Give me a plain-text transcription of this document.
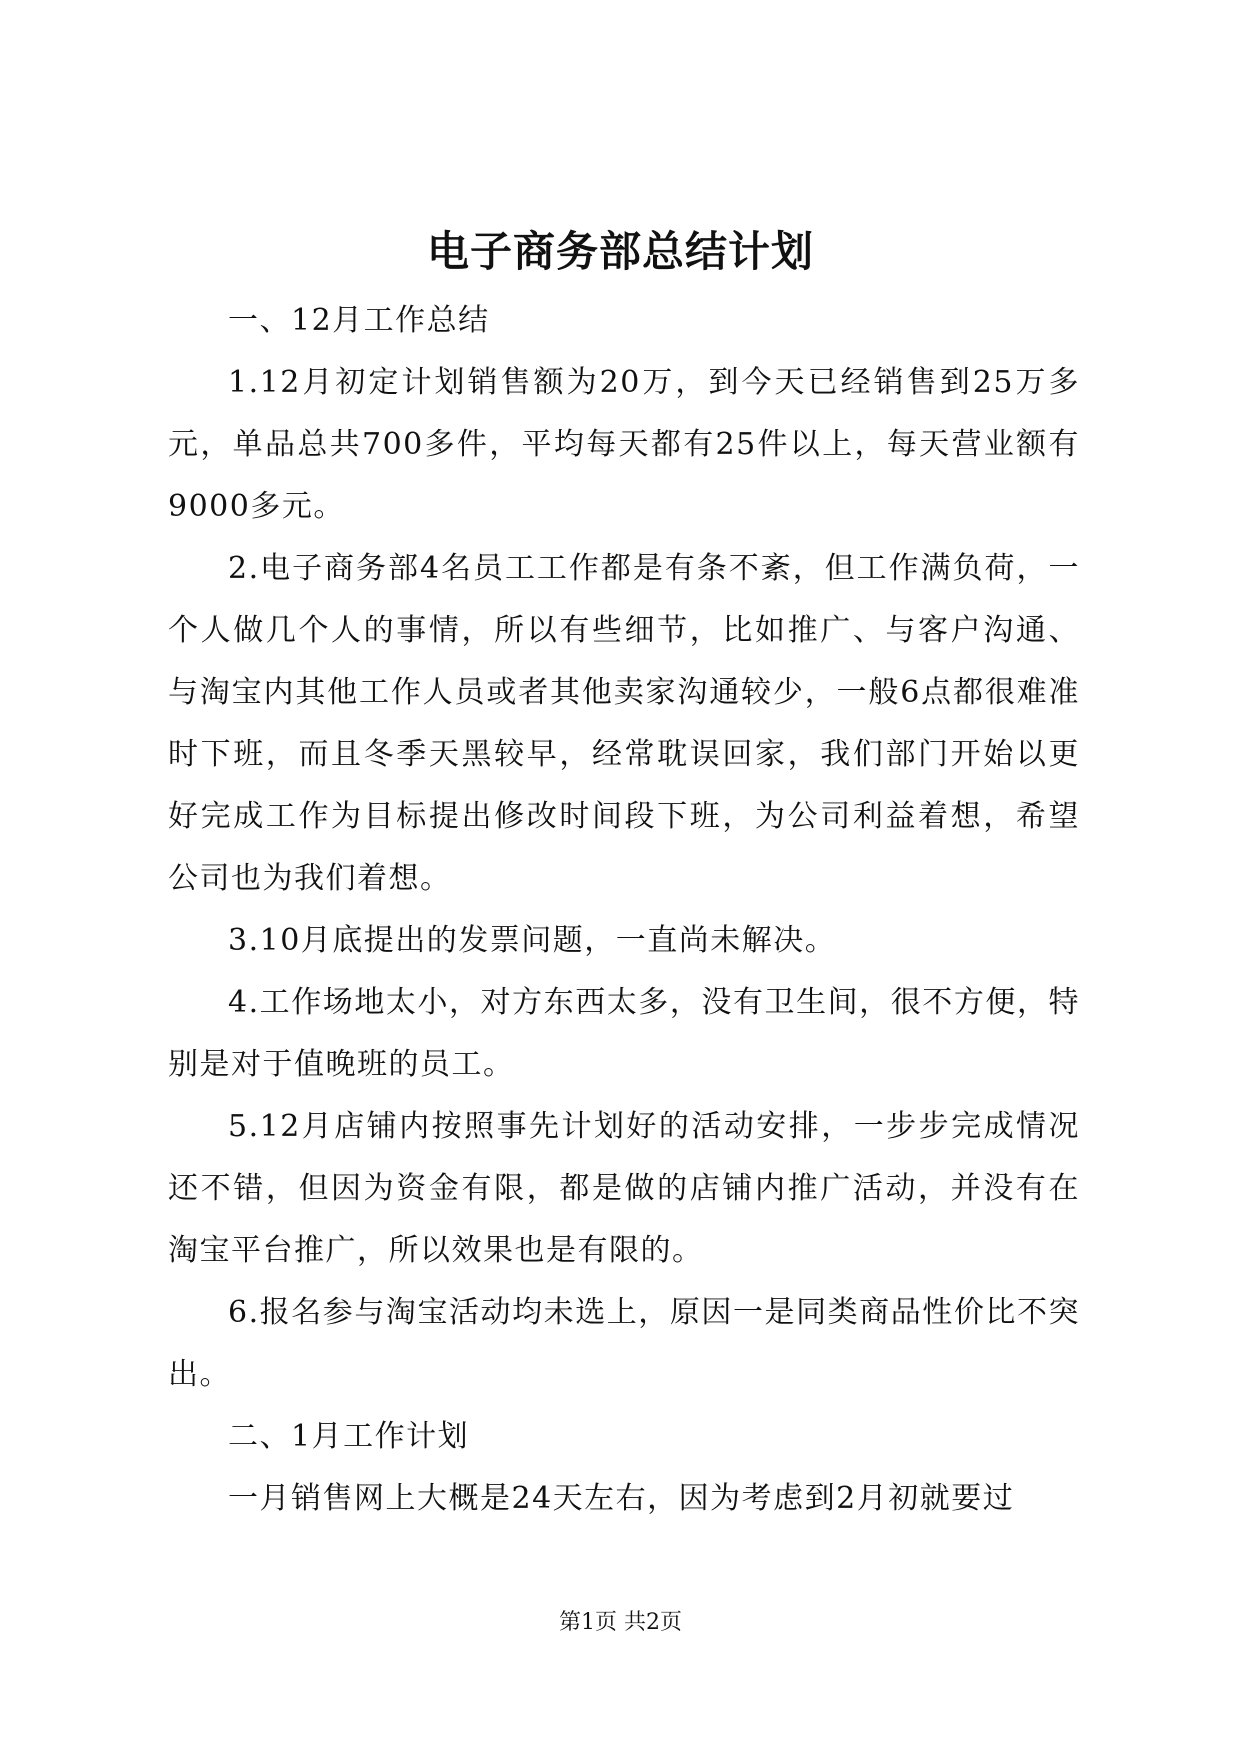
电子商务部总结计划

一、12月工作总结

1.12月初定计划销售额为20万，到今天已经销售到25万多元，单品总共700多件，平均每天都有25件以上，每天营业额有9000多元。

2.电子商务部4名员工工作都是有条不紊，但工作满负荷，一个人做几个人的事情，所以有些细节，比如推广、与客户沟通、与淘宝内其他工作人员或者其他卖家沟通较少，一般6点都很难准时下班，而且冬季天黑较早，经常耽误回家，我们部门开始以更好完成工作为目标提出修改时间段下班，为公司利益着想，希望公司也为我们着想。

3.10月底提出的发票问题，一直尚未解决。

4.工作场地太小，对方东西太多，没有卫生间，很不方便，特别是对于值晚班的员工。

5.12月店铺内按照事先计划好的活动安排，一步步完成情况还不错，但因为资金有限，都是做的店铺内推广活动，并没有在淘宝平台推广，所以效果也是有限的。

6.报名参与淘宝活动均未选上，原因一是同类商品性价比不突出。

二、1月工作计划

一月销售网上大概是24天左右，因为考虑到2月初就要过

第1页 共2页
